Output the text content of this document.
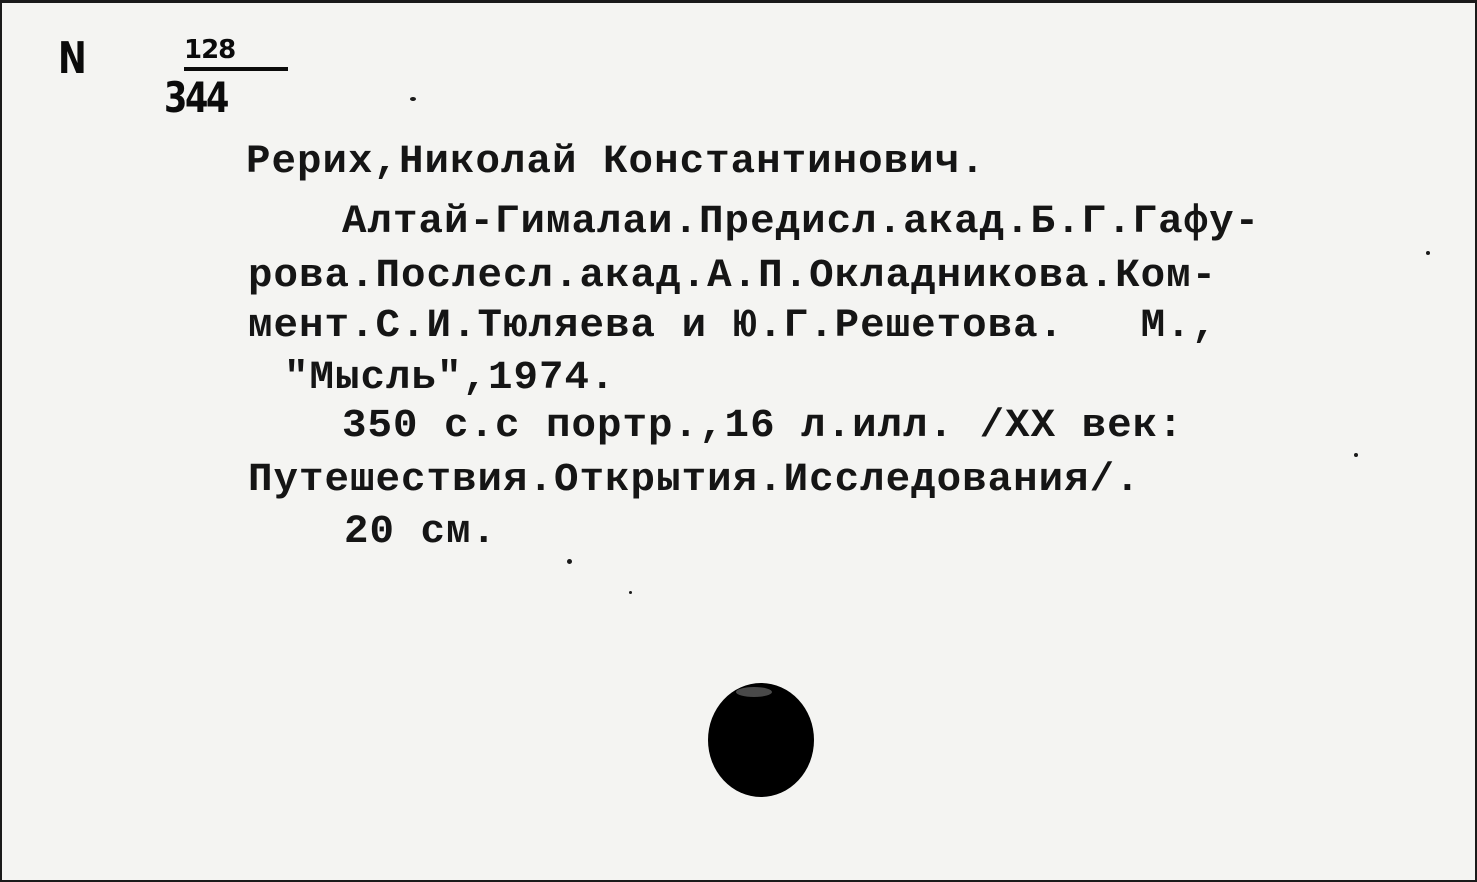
N	128
344
Рерих,Николай Константинович.
Алтай-Гималаи.Предисл.акад.Б.Г.Гафу-
рова.Послесл.акад.А.П.Окладникова.Ком-
мент.С.И.Тюляева и Ю.Г.Решетова.   М.,
"Мысль",1974.
350 с.с портр.,16 л.илл. /XX век:
Путешествия.Открытия.Исследования/.
20 см.
